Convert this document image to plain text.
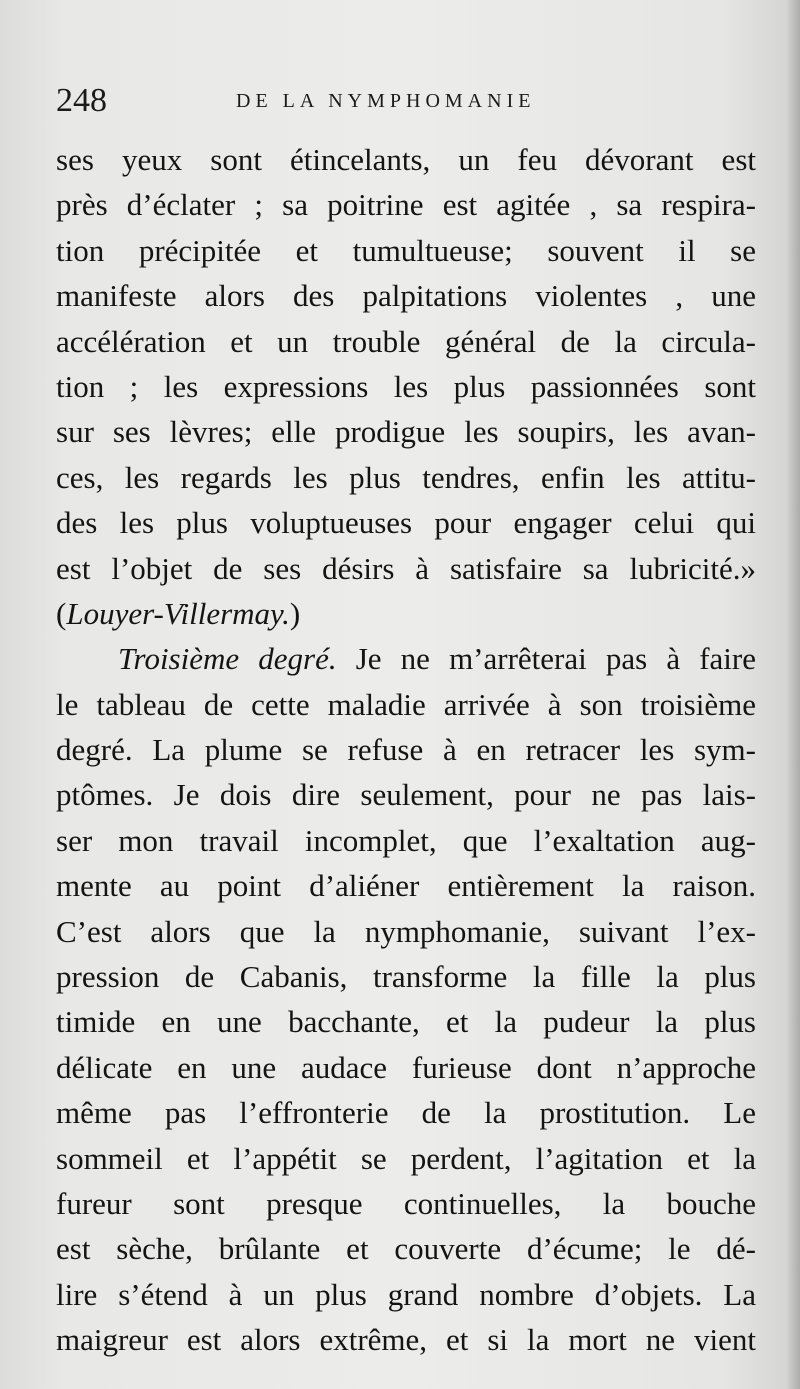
248	DE LA NYMPHOMANIE
ses yeux sont étincelants, un feu dévorant est
près d’éclater ; sa poitrine est agitée , sa respira-
tion précipitée et tumultueuse; souvent il se
manifeste alors des palpitations violentes , une
accélération et un trouble général de la circula-
tion ; les expressions les plus passionnées sont
sur ses lèvres; elle prodigue les soupirs, les avan-
ces, les regards les plus tendres, enfin les attitu-
des les plus voluptueuses pour engager celui qui
est l’objet de ses désirs à satisfaire sa lubricité.»
(Louyer-Villermay.)
Troisième degré. Je ne m’arrêterai pas à faire
le tableau de cette maladie arrivée à son troisième
degré. La plume se refuse à en retracer les sym-
ptômes. Je dois dire seulement, pour ne pas lais-
ser mon travail incomplet, que l’exaltation aug-
mente au point d’aliéner entièrement la raison.
C’est alors que la nymphomanie, suivant l’ex-
pression de Cabanis, transforme la fille la plus
timide en une bacchante, et la pudeur la plus
délicate en une audace furieuse dont n’approche
même pas l’effronterie de la prostitution. Le
sommeil et l’appétit se perdent, l’agitation et la
fureur sont presque continuelles, la bouche
est sèche, brûlante et couverte d’écume; le dé-
lire s’étend à un plus grand nombre d’objets. La
maigreur est alors extrême, et si la mort ne vient
